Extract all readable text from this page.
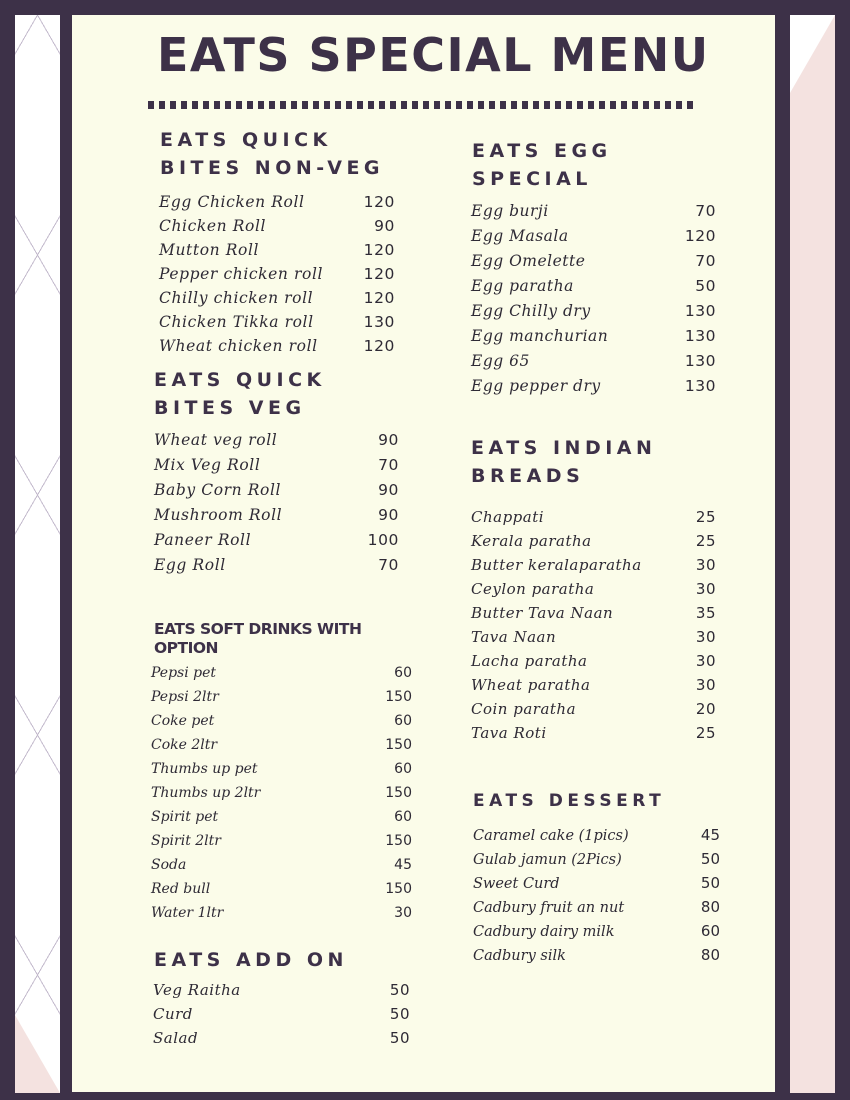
EATS SPECIAL MENU
EATS QUICK
BITES NON-VEG
Egg Chicken Roll	120
Chicken Roll	90
Mutton Roll	120
Pepper chicken roll	120
Chilly chicken roll	120
Chicken Tikka roll	130
Wheat chicken roll	120
EATS QUICK
BITES VEG
Wheat veg roll	90
Mix Veg Roll	70
Baby Corn Roll	90
Mushroom Roll	90
Paneer Roll	100
Egg Roll	70
EATS SOFT DRINKS WITH
OPTION
Pepsi pet	60
Pepsi 2ltr	150
Coke pet	60
Coke 2ltr	150
Thumbs up pet	60
Thumbs up 2ltr	150
Spirit pet	60
Spirit 2ltr	150
Soda	45
Red bull	150
Water 1ltr	30
EATS ADD ON
Veg Raitha	50
Curd	50
Salad	50
EATS EGG
SPECIAL
Egg burji	70
Egg Masala	120
Egg Omelette	70
Egg paratha	50
Egg Chilly dry	130
Egg manchurian	130
Egg 65	130
Egg pepper dry	130
EATS INDIAN
BREADS
Chappati	25
Kerala paratha	25
Butter keralaparatha	30
Ceylon paratha	30
Butter Tava Naan	35
Tava Naan	30
Lacha paratha	30
Wheat paratha	30
Coin paratha	20
Tava Roti	25
EATS DESSERT
Caramel cake (1pics)	45
Gulab jamun (2Pics)	50
Sweet Curd	50
Cadbury fruit an nut	80
Cadbury dairy milk	60
Cadbury silk	80
